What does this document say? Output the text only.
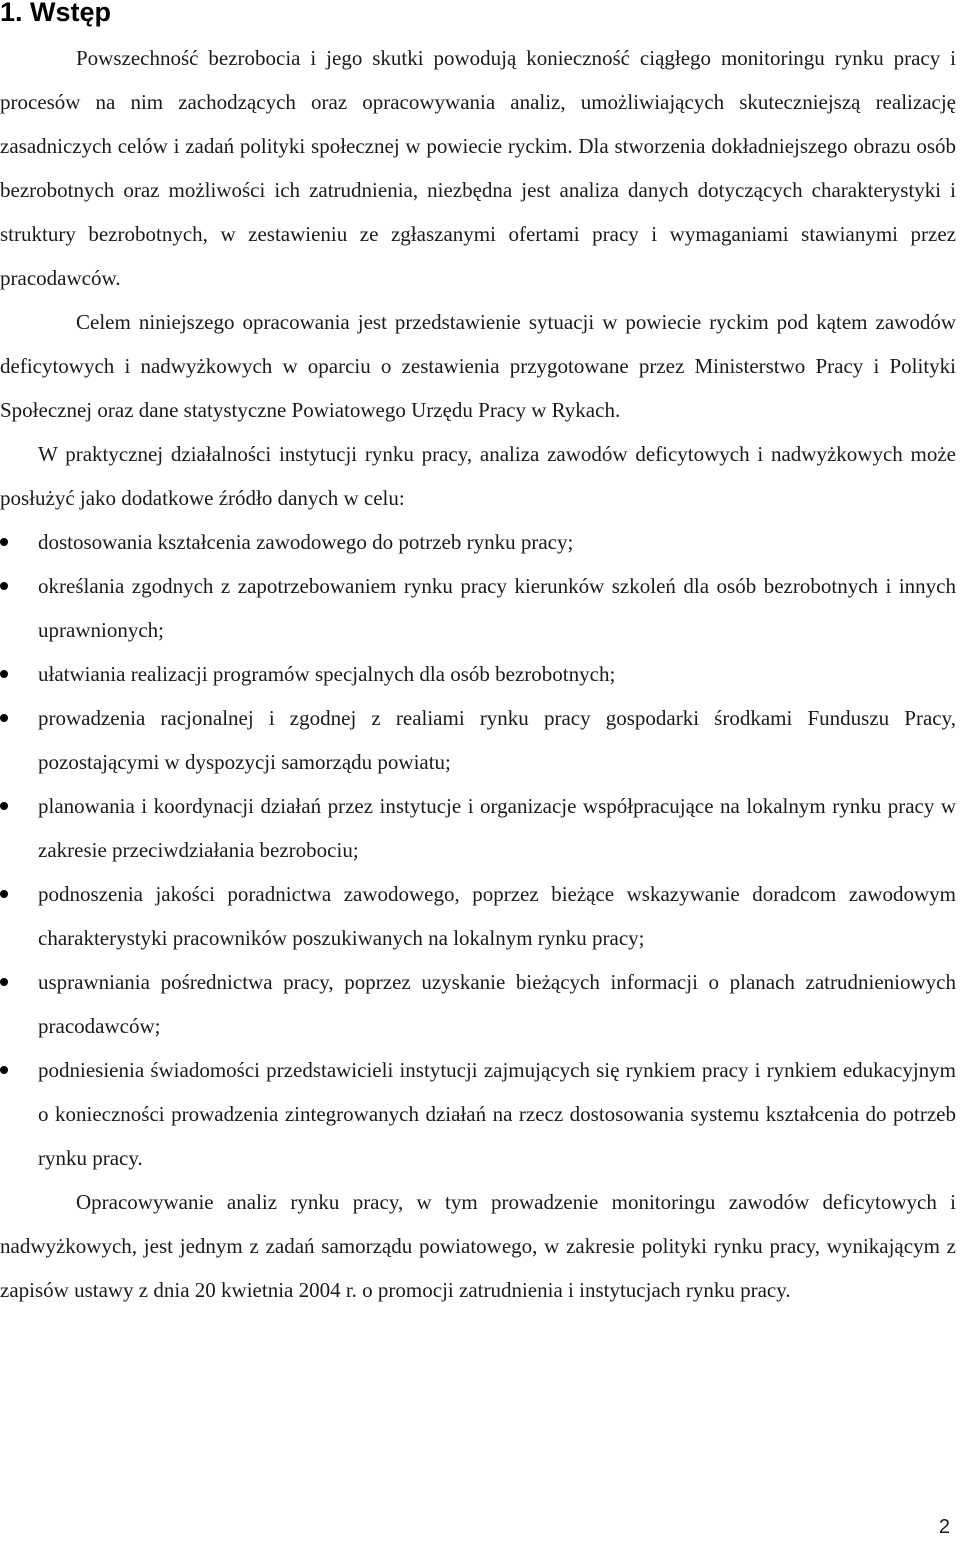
1. Wstęp

Powszechność bezrobocia i jego skutki powodują konieczność ciągłego monitoringu rynku pracy i procesów na nim zachodzących oraz opracowywania analiz, umożliwiających skuteczniejszą realizację zasadniczych celów i zadań polityki społecznej w powiecie ryckim. Dla stworzenia dokładniejszego obrazu osób bezrobotnych oraz możliwości ich zatrudnienia, niezbędna jest analiza danych dotyczących charakterystyki i struktury bezrobotnych, w zestawieniu ze zgłaszanymi ofertami pracy i wymaganiami stawianymi przez pracodawców.

Celem niniejszego opracowania jest przedstawienie sytuacji w powiecie ryckim pod kątem zawodów deficytowych i nadwyżkowych w oparciu o zestawienia przygotowane przez Ministerstwo Pracy i Polityki Społecznej oraz dane statystyczne Powiatowego Urzędu Pracy w Rykach.

W praktycznej działalności instytucji rynku pracy, analiza zawodów deficytowych i nadwyżkowych może posłużyć jako dodatkowe źródło danych w celu:

dostosowania kształcenia zawodowego do potrzeb rynku pracy;
określania zgodnych z zapotrzebowaniem rynku pracy kierunków szkoleń dla osób bezrobotnych i innych uprawnionych;
ułatwiania realizacji programów specjalnych dla osób bezrobotnych;
prowadzenia racjonalnej i zgodnej z realiami rynku pracy gospodarki środkami Funduszu Pracy, pozostającymi w dyspozycji samorządu powiatu;
planowania i koordynacji działań przez instytucje i organizacje współpracujące na lokalnym rynku pracy w zakresie przeciwdziałania bezrobociu;
podnoszenia jakości poradnictwa zawodowego, poprzez bieżące wskazywanie doradcom zawodowym charakterystyki pracowników poszukiwanych na lokalnym rynku pracy;
usprawniania pośrednictwa pracy, poprzez uzyskanie bieżących informacji o planach zatrudnieniowych pracodawców;
podniesienia świadomości przedstawicieli instytucji zajmujących się rynkiem pracy i rynkiem edukacyjnym o konieczności prowadzenia zintegrowanych działań na rzecz dostosowania systemu kształcenia do potrzeb rynku pracy.

Opracowywanie analiz rynku pracy, w tym prowadzenie monitoringu zawodów deficytowych i nadwyżkowych, jest jednym z zadań samorządu powiatowego, w zakresie polityki rynku pracy, wynikającym z zapisów ustawy z dnia 20 kwietnia 2004 r. o promocji zatrudnienia i instytucjach rynku pracy.

2
